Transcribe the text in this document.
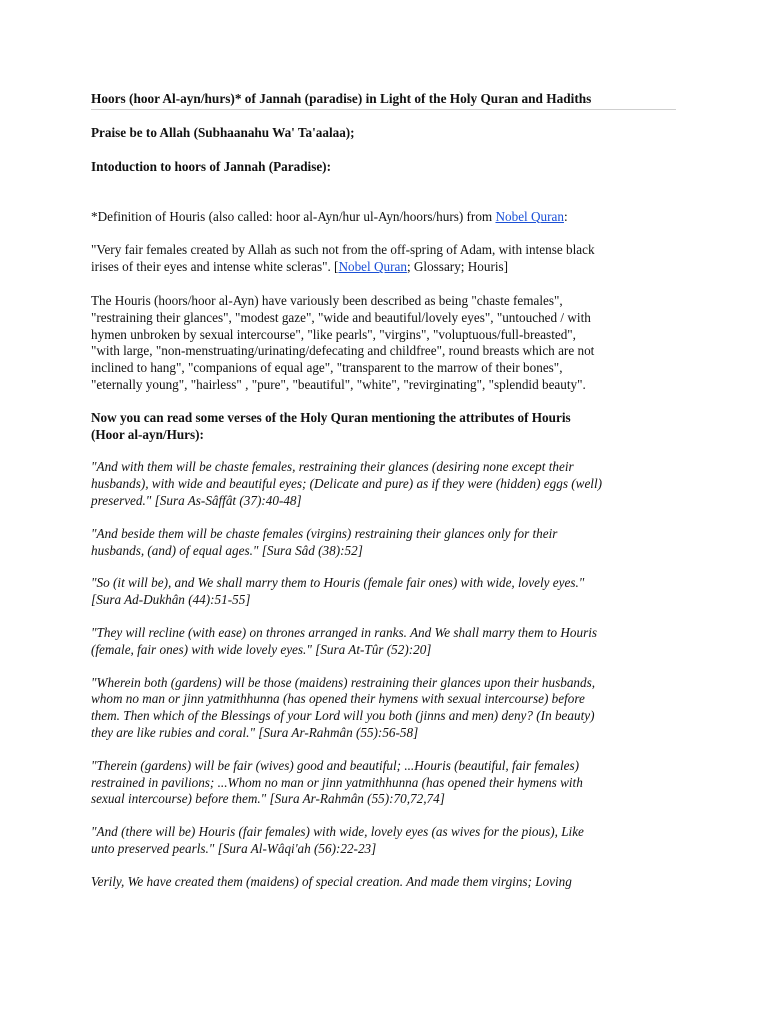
Hoors (hoor Al-ayn/hurs)* of Jannah (paradise) in Light of the Holy Quran and Hadiths

Praise be to Allah (Subhaanahu Wa' Ta'aalaa);

Intoduction to hoors of Jannah (Paradise):

*Definition of Houris (also called: hoor al-Ayn/hur ul-Ayn/hoors/hurs) from Nobel Quran:

"Very fair females created by Allah as such not from the off-spring of Adam, with intense black
irises of their eyes and intense white scleras". [Nobel Quran; Glossary; Houris]

The Houris (hoors/hoor al-Ayn) have variously been described as being "chaste females",
"restraining their glances", "modest gaze", "wide and beautiful/lovely eyes", "untouched / with
hymen unbroken by sexual intercourse", "like pearls", "virgins", "voluptuous/full-breasted",
"with large, "non-menstruating/urinating/defecating and childfree", round breasts which are not
inclined to hang", "companions of equal age", "transparent to the marrow of their bones",
"eternally young", "hairless" , "pure", "beautiful", "white", "revirginating", "splendid beauty".

Now you can read some verses of the Holy Quran mentioning the attributes of Houris
(Hoor al-ayn/Hurs):

"And with them will be chaste females, restraining their glances (desiring none except their
husbands), with wide and beautiful eyes; (Delicate and pure) as if they were (hidden) eggs (well)
preserved." [Sura As-Sâffât (37):40-48]

"And beside them will be chaste females (virgins) restraining their glances only for their
husbands, (and) of equal ages." [Sura Sâd (38):52]

"So (it will be), and We shall marry them to Houris (female fair ones) with wide, lovely eyes."
[Sura Ad-Dukhân (44):51-55]

"They will recline (with ease) on thrones arranged in ranks. And We shall marry them to Houris
(female, fair ones) with wide lovely eyes." [Sura At-Tûr (52):20]

"Wherein both (gardens) will be those (maidens) restraining their glances upon their husbands,
whom no man or jinn yatmithhunna (has opened their hymens with sexual intercourse) before
them. Then which of the Blessings of your Lord will you both (jinns and men) deny? (In beauty)
they are like rubies and coral." [Sura Ar-Rahmân (55):56-58]

"Therein (gardens) will be fair (wives) good and beautiful; ...Houris (beautiful, fair females)
restrained in pavilions; ...Whom no man or jinn yatmithhunna (has opened their hymens with
sexual intercourse) before them." [Sura Ar-Rahmân (55):70,72,74]

"And (there will be) Houris (fair females) with wide, lovely eyes (as wives for the pious), Like
unto preserved pearls." [Sura Al-Wâqi'ah (56):22-23]

Verily, We have created them (maidens) of special creation. And made them virgins; Loving
